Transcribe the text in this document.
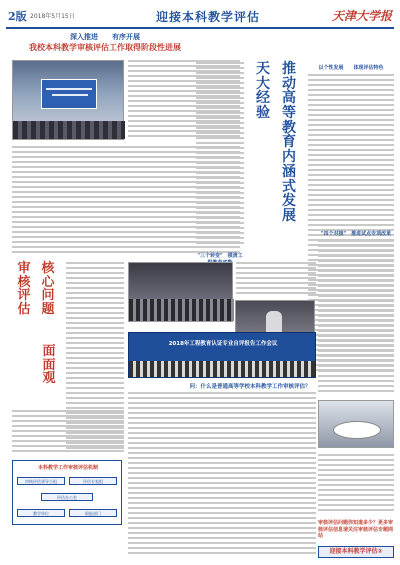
2版 2018年5月15日	迎接本科教学评估	天津大学报
深入推进　　有序开展
我校本科教学审核评估工作取得阶段性进展
天大经验
推动高等教育内涵式发展
以个性发展　　体现评估特色
"三个转变"　摸清工
审核评估
核心问题
面面观
本科教学工作审核评估机制
审核评估领导小组	评估专家组
评估办公室
教学单位	职能部门
2018年工程教育认证专业自评报告工作会议
问：什么是普通高等学校本科教学工作审核评估？
"四个对接"　推进试点专项改革
审核评估问题你知道多少？更多审核评估信息请关注审核评估专题网站
迎接本科教学评估②
